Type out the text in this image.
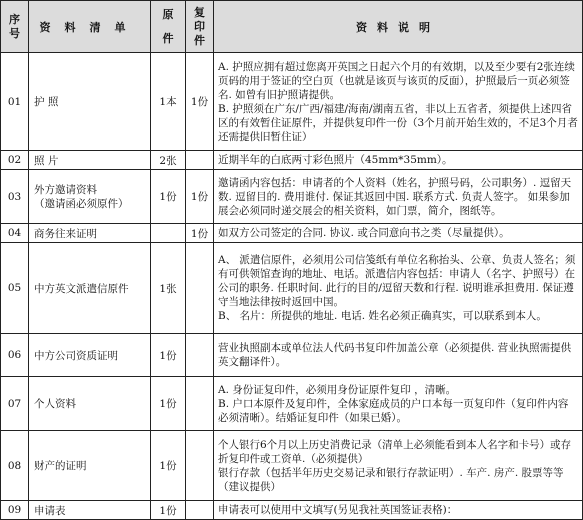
序
号	资料清单	原
件	复
印
件	资料说明
01	护 照	1本	1份	A. 护照应拥有超过您离开英国之日起六个月的有效期，以及至少要有2张连续页码的用于签证的空白页（也就是该页与该页的反面），护照最后一页必须签名. 如曾有旧护照请提供。
B. 护照须在广东/广西/福建/海南/湖南五省，非以上五省者，须提供上述四省区的有效暂住证原件，并提供复印件一份（3个月前开始生效的，不足3个月者还需提供旧暂住证）

02	照 片	2张		近期半年的白底两寸彩色照片（45mm*35mm）。

03	外方邀请资料
（邀请函必须原件）	1份	1份	邀请函内容包括：申请者的个人资料（姓名，护照号码，公司职务）. 逗留天数. 逗留目的. 费用谁付. 保证其返回中国. 联系方式. 负责人签字。 如果参加展会必须同时递交展会的相关资料，如门票，简介，图纸等。

04	商务往来证明		1份	如双方公司签定的合同. 协议. 或合同意向书之类（尽量提供）。

05	中方英文派遣信原件	1张		A、 派遣信原件，必须用公司信笺纸有单位名称抬头、公章、负责人签名；须有可供领馆查询的地址、电话。派遣信内容包括：申请人（名字、护照号）在公司的职务. 任职时间. 此行的目的/逗留天数和行程. 说明谁承担费用. 保证遵守当地法律按时返回中国。
B、 名片：所提供的地址. 电话. 姓名必须正确真实，可以联系到本人。

06	中方公司资质证明	1份		营业执照副本或单位法人代码书复印件加盖公章（必须提供. 营业执照需提供英文翻译件）。

07	个人资料	1份		A. 身份证复印件，必须用身份证原件复印 ，清晰。
B. 户口本原件及复印件，全体家庭成员的户口本每一页复印件（复印件内容必须清晰）。结婚证复印件（如果已婚）。

08	财产的证明	1份		个人银行6个月以上历史消费记录（清单上必须能看到本人名字和卡号）或存折复印件或工资单.（必须提供）
银行存款（包括半年历史交易记录和银行存款证明）. 车产. 房产. 股票等等（建议提供）

09	申请表	1份		申请表可以使用中文填写(另见我社英国签证表格)：
